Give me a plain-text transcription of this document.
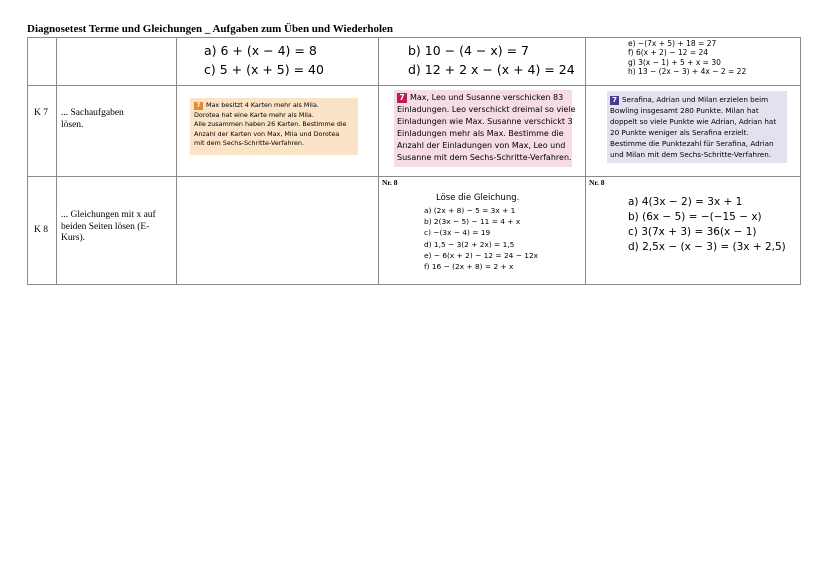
Diagnosetest Terme und Gleichungen _ Aufgaben zum Üben und Wiederholen
a) 6 + (x − 4) = 8
c) 5 + (x + 5) = 40
b) 10 − (4 − x) = 7
d) 12 + 2 x − (x + 4) = 24
e) −(7x + 5) + 18 = 27
f) 6(x + 2) − 12 = 24
g) 3(x − 1) + 5 + x = 30
h) 13 − (2x − 3) + 4x − 2 = 22
K 7 ... Sachaufgaben lösen.
7 Max besitzt 4 Karten mehr als Mila.
Dorotea hat eine Karte mehr als Mila.
Alle zusammen haben 26 Karten. Bestimme die
Anzahl der Karten von Max, Mila und Dorotea
mit dem Sechs-Schritte-Verfahren.
7 Max, Leo und Susanne verschicken 83
Einladungen. Leo verschickt dreimal so viele
Einladungen wie Max. Susanne verschickt 3
Einladungen mehr als Max. Bestimme die
Anzahl der Einladungen von Max, Leo und
Susanne mit dem Sechs-Schritte-Verfahren.
7 Serafina, Adrian und Milan erzielen beim
Bowling insgesamt 280 Punkte. Milan hat
doppelt so viele Punkte wie Adrian, Adrian hat
20 Punkte weniger als Serafina erzielt.
Bestimme die Punktezahl für Serafina, Adrian
und Milan mit dem Sechs-Schritte-Verfahren.
K 8
... Gleichungen mit x auf beiden Seiten lösen (E-Kurs).
Nr. 8	Nr. 8
Löse die Gleichung.
a) (2x + 8) − 5 = 3x + 1
b) 2(3x − 5) − 11 = 4 + x
c) −(3x − 4) = 19
d) 1,5 − 3(2 + 2x) = 1,5
e) − 6(x + 2) − 12 = 24 − 12x
f) 16 − (2x + 8) = 2 + x
a) 4(3x − 2) = 3x + 1
b) (6x − 5) = −(−15 − x)
c) 3(7x + 3) = 36(x − 1)
d) 2,5x − (x − 3) = (3x + 2,5)
